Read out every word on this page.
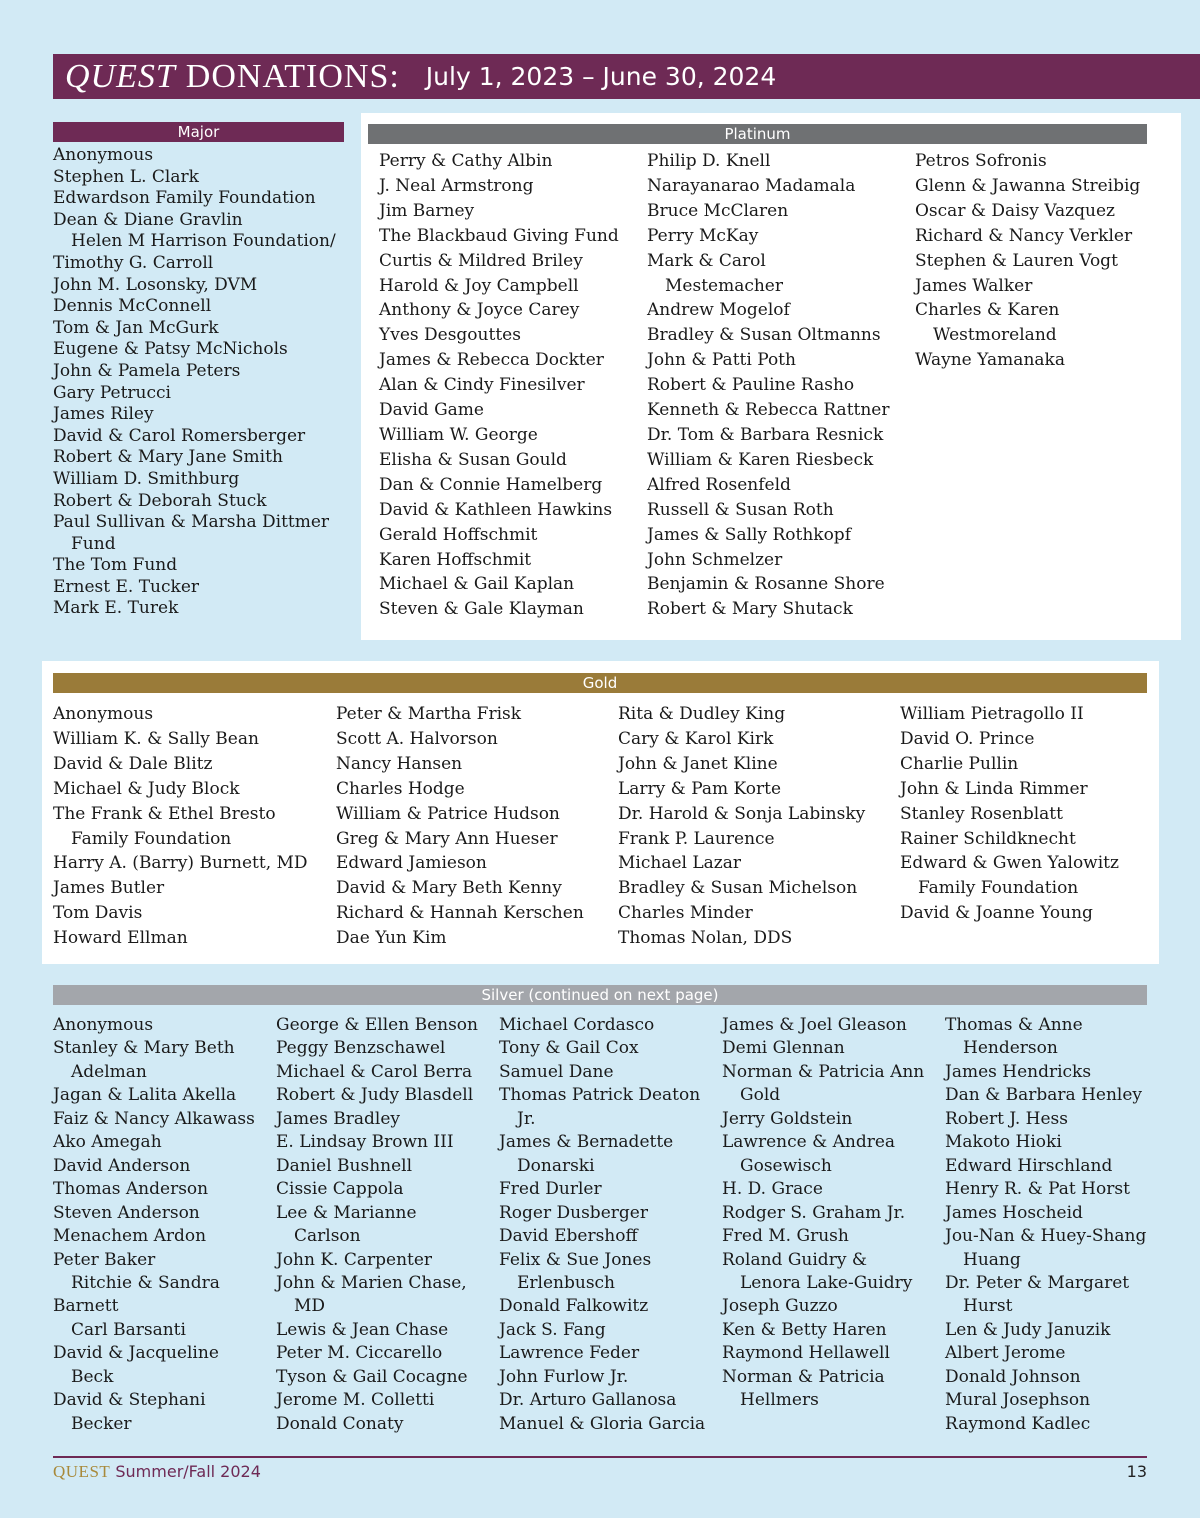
QUEST DONATIONS: July 1, 2023 – June 30, 2024
Major
Anonymous
Stephen L. Clark
Edwardson Family Foundation
Dean & Diane Gravlin
Helen M Harrison Foundation/
Timothy G. Carroll
John M. Losonsky, DVM
Dennis McConnell
Tom & Jan McGurk
Eugene & Patsy McNichols
John & Pamela Peters
Gary Petrucci
James Riley
David & Carol Romersberger
Robert & Mary Jane Smith
William D. Smithburg
Robert & Deborah Stuck
Paul Sullivan & Marsha Dittmer
Fund
The Tom Fund
Ernest E. Tucker
Mark E. Turek
Platinum
Perry & Cathy Albin
J. Neal Armstrong
Jim Barney
The Blackbaud Giving Fund
Curtis & Mildred Briley
Harold & Joy Campbell
Anthony & Joyce Carey
Yves Desgouttes
James & Rebecca Dockter
Alan & Cindy Finesilver
David Game
William W. George
Elisha & Susan Gould
Dan & Connie Hamelberg
David & Kathleen Hawkins
Gerald Hoffschmit
Karen Hoffschmit
Michael & Gail Kaplan
Steven & Gale Klayman
Philip D. Knell
Narayanarao Madamala
Bruce McClaren
Perry McKay
Mark & Carol
Mestemacher
Andrew Mogelof
Bradley & Susan Oltmanns
John & Patti Poth
Robert & Pauline Rasho
Kenneth & Rebecca Rattner
Dr. Tom & Barbara Resnick
William & Karen Riesbeck
Alfred Rosenfeld
Russell & Susan Roth
James & Sally Rothkopf
John Schmelzer
Benjamin & Rosanne Shore
Robert & Mary Shutack
Petros Sofronis
Glenn & Jawanna Streibig
Oscar & Daisy Vazquez
Richard & Nancy Verkler
Stephen & Lauren Vogt
James Walker
Charles & Karen
Westmoreland
Wayne Yamanaka
Gold
Anonymous
William K. & Sally Bean
David & Dale Blitz
Michael & Judy Block
The Frank & Ethel Bresto
Family Foundation
Harry A. (Barry) Burnett, MD
James Butler
Tom Davis
Howard Ellman
Peter & Martha Frisk
Scott A. Halvorson
Nancy Hansen
Charles Hodge
William & Patrice Hudson
Greg & Mary Ann Hueser
Edward Jamieson
David & Mary Beth Kenny
Richard & Hannah Kerschen
Dae Yun Kim
Rita & Dudley King
Cary & Karol Kirk
John & Janet Kline
Larry & Pam Korte
Dr. Harold & Sonja Labinsky
Frank P. Laurence
Michael Lazar
Bradley & Susan Michelson
Charles Minder
Thomas Nolan, DDS
William Pietragollo II
David O. Prince
Charlie Pullin
John & Linda Rimmer
Stanley Rosenblatt
Rainer Schildknecht
Edward & Gwen Yalowitz
Family Foundation
David & Joanne Young
Silver (continued on next page)
Anonymous
Stanley & Mary Beth
Adelman
Jagan & Lalita Akella
Faiz & Nancy Alkawass
Ako Amegah
David Anderson
Thomas Anderson
Steven Anderson
Menachem Ardon
Peter Baker
Ritchie & Sandra
Barnett
Carl Barsanti
David & Jacqueline
Beck
David & Stephani
Becker
George & Ellen Benson
Peggy Benzschawel
Michael & Carol Berra
Robert & Judy Blasdell
James Bradley
E. Lindsay Brown III
Daniel Bushnell
Cissie Cappola
Lee & Marianne
Carlson
John K. Carpenter
John & Marien Chase,
MD
Lewis & Jean Chase
Peter M. Ciccarello
Tyson & Gail Cocagne
Jerome M. Colletti
Donald Conaty
Michael Cordasco
Tony & Gail Cox
Samuel Dane
Thomas Patrick Deaton
Jr.
James & Bernadette
Donarski
Fred Durler
Roger Dusberger
David Ebershoff
Felix & Sue Jones
Erlenbusch
Donald Falkowitz
Jack S. Fang
Lawrence Feder
John Furlow Jr.
Dr. Arturo Gallanosa
Manuel & Gloria Garcia
James & Joel Gleason
Demi Glennan
Norman & Patricia Ann
Gold
Jerry Goldstein
Lawrence & Andrea
Gosewisch
H. D. Grace
Rodger S. Graham Jr.
Fred M. Grush
Roland Guidry &
Lenora Lake-Guidry
Joseph Guzzo
Ken & Betty Haren
Raymond Hellawell
Norman & Patricia
Hellmers
Thomas & Anne
Henderson
James Hendricks
Dan & Barbara Henley
Robert J. Hess
Makoto Hioki
Edward Hirschland
Henry R. & Pat Horst
James Hoscheid
Jou-Nan & Huey-Shang
Huang
Dr. Peter & Margaret
Hurst
Len & Judy Januzik
Albert Jerome
Donald Johnson
Mural Josephson
Raymond Kadlec
QUEST Summer/Fall 2024	13
